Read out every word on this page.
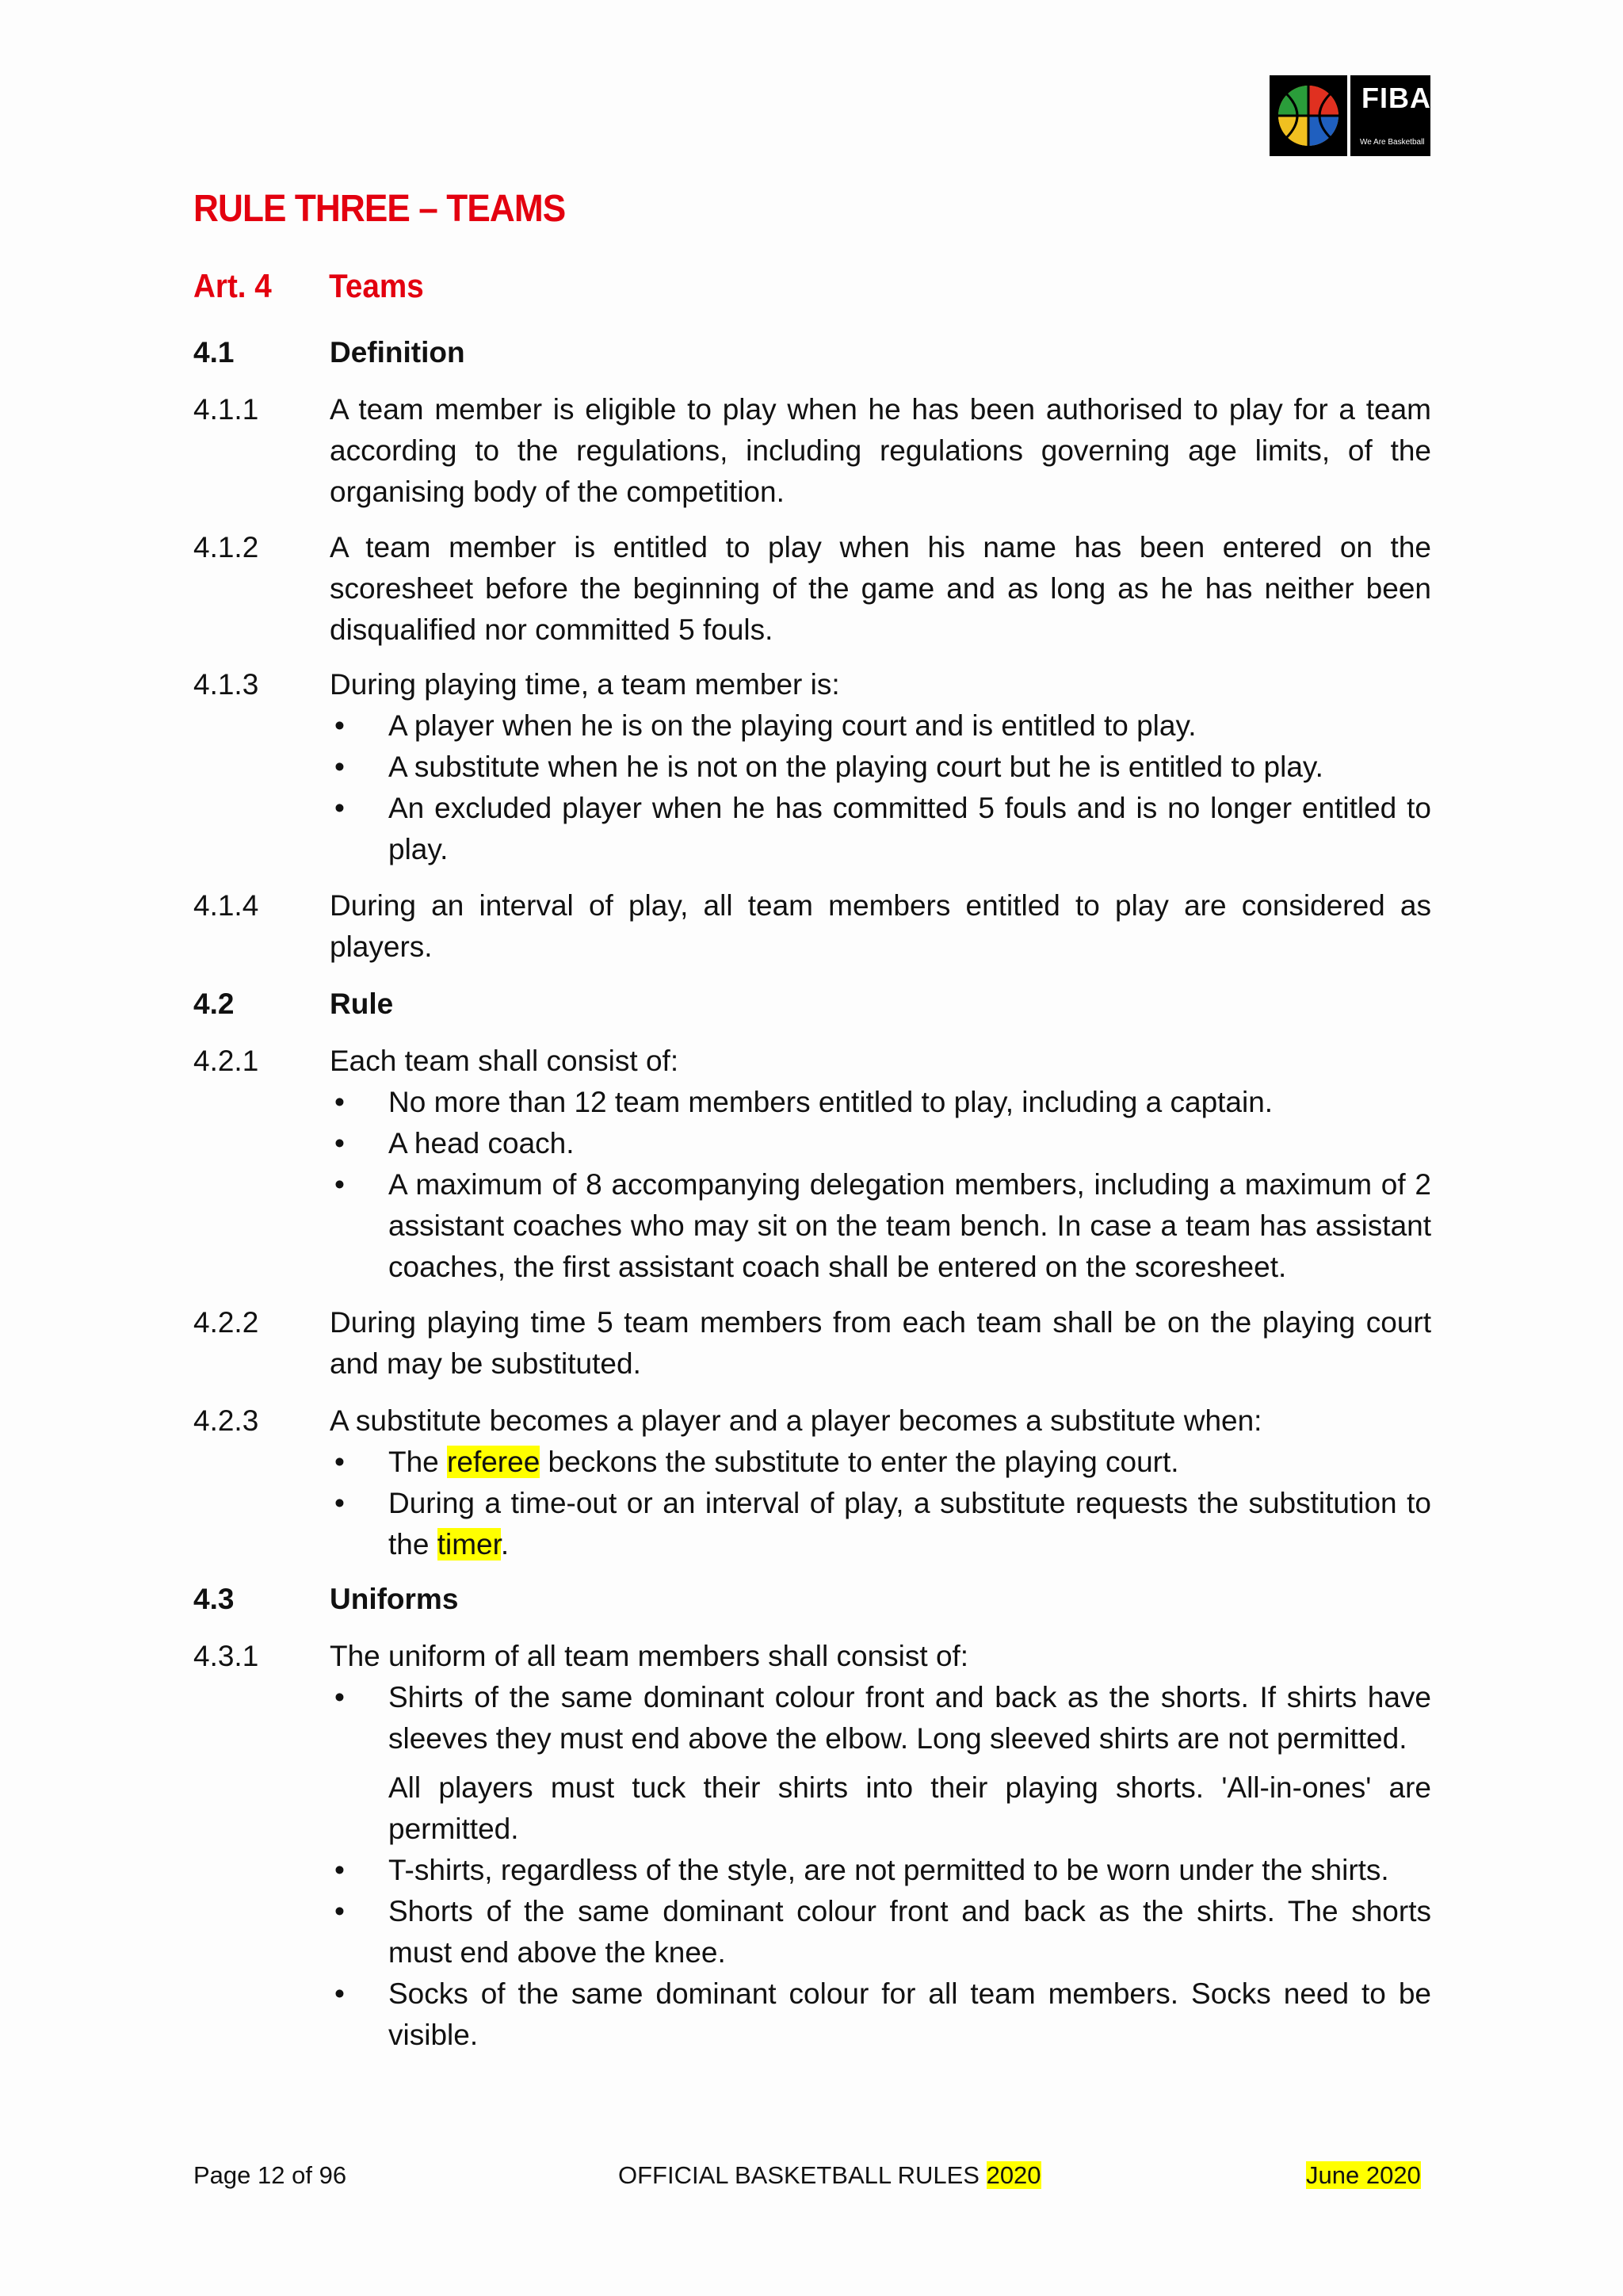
FIBA
We Are Basketball
RULE THREE – TEAMS
Art. 4	Teams
4.1	Definition
4.1.1	A team member is eligible to play when he has been authorised to play for a team according to the regulations, including regulations governing age limits, of the organising body of the competition.
4.1.2	A team member is entitled to play when his name has been entered on the scoresheet before the beginning of the game and as long as he has neither been disqualified nor committed 5 fouls.
4.1.3	During playing time, a team member is:
• A player when he is on the playing court and is entitled to play.
• A substitute when he is not on the playing court but he is entitled to play.
• An excluded player when he has committed 5 fouls and is no longer entitled to play.
4.1.4	During an interval of play, all team members entitled to play are considered as players.
4.2	Rule
4.2.1	Each team shall consist of:
• No more than 12 team members entitled to play, including a captain.
• A head coach.
• A maximum of 8 accompanying delegation members, including a maximum of 2 assistant coaches who may sit on the team bench. In case a team has assistant coaches, the first assistant coach shall be entered on the scoresheet.
4.2.2	During playing time 5 team members from each team shall be on the playing court and may be substituted.
4.2.3	A substitute becomes a player and a player becomes a substitute when:
• The referee beckons the substitute to enter the playing court.
• During a time-out or an interval of play, a substitute requests the substitution to the timer.
4.3	Uniforms
4.3.1	The uniform of all team members shall consist of:
• Shirts of the same dominant colour front and back as the shorts. If shirts have sleeves they must end above the elbow. Long sleeved shirts are not permitted.
All players must tuck their shirts into their playing shorts. 'All-in-ones' are permitted.
• T-shirts, regardless of the style, are not permitted to be worn under the shirts.
• Shorts of the same dominant colour front and back as the shirts. The shorts must end above the knee.
• Socks of the same dominant colour for all team members. Socks need to be visible.
Page 12 of 96	OFFICIAL BASKETBALL RULES 2020	June 2020
